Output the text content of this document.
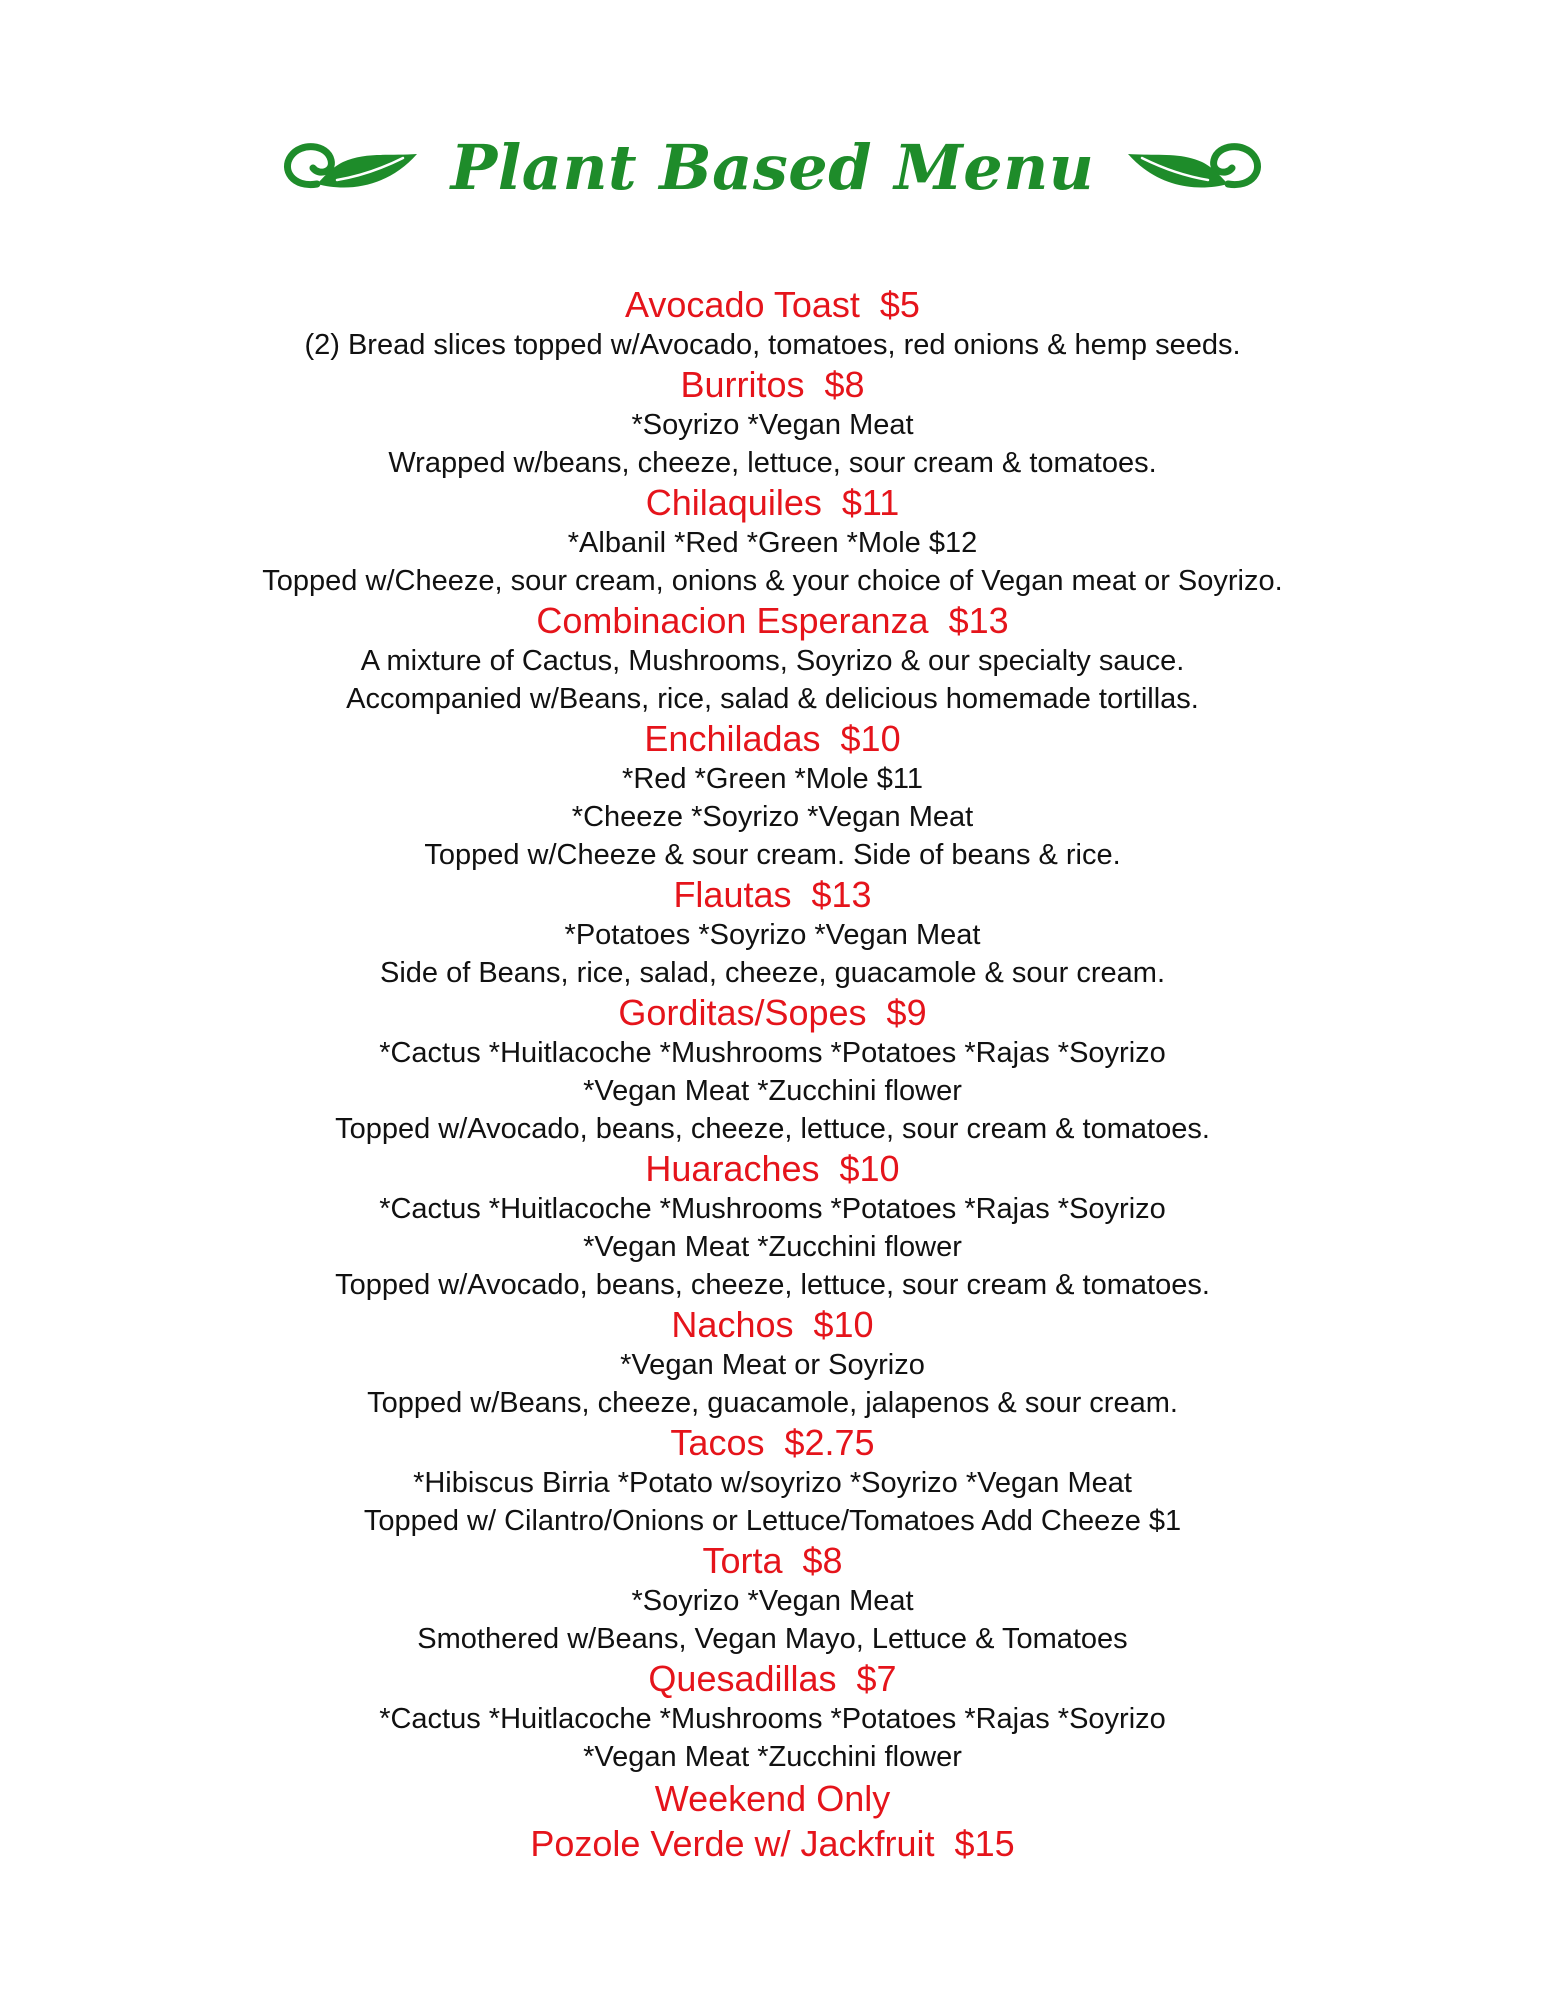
Plant Based Menu
Avocado Toast  $5
(2) Bread slices topped w/Avocado, tomatoes, red onions & hemp seeds.
Burritos  $8
*Soyrizo *Vegan Meat
Wrapped w/beans, cheeze, lettuce, sour cream & tomatoes.
Chilaquiles  $11
*Albanil *Red *Green *Mole $12
Topped w/Cheeze, sour cream, onions & your choice of Vegan meat or Soyrizo.
Combinacion Esperanza  $13
A mixture of Cactus, Mushrooms, Soyrizo & our specialty sauce.
Accompanied w/Beans, rice, salad & delicious homemade tortillas.
Enchiladas  $10
*Red *Green *Mole $11
*Cheeze *Soyrizo *Vegan Meat
Topped w/Cheeze & sour cream. Side of beans & rice.
Flautas  $13
*Potatoes *Soyrizo *Vegan Meat
Side of Beans, rice, salad, cheeze, guacamole & sour cream.
Gorditas/Sopes  $9
*Cactus *Huitlacoche *Mushrooms *Potatoes *Rajas *Soyrizo
*Vegan Meat *Zucchini flower
Topped w/Avocado, beans, cheeze, lettuce, sour cream & tomatoes.
Huaraches  $10
*Cactus *Huitlacoche *Mushrooms *Potatoes *Rajas *Soyrizo
*Vegan Meat *Zucchini flower
Topped w/Avocado, beans, cheeze, lettuce, sour cream & tomatoes.
Nachos  $10
*Vegan Meat or Soyrizo
Topped w/Beans, cheeze, guacamole, jalapenos & sour cream.
Tacos  $2.75
*Hibiscus Birria *Potato w/soyrizo *Soyrizo *Vegan Meat
Topped w/ Cilantro/Onions or Lettuce/Tomatoes Add Cheeze $1
Torta  $8
*Soyrizo *Vegan Meat
Smothered w/Beans, Vegan Mayo, Lettuce & Tomatoes
Quesadillas  $7
*Cactus *Huitlacoche *Mushrooms *Potatoes *Rajas *Soyrizo
*Vegan Meat *Zucchini flower
Weekend Only
Pozole Verde w/ Jackfruit  $15
